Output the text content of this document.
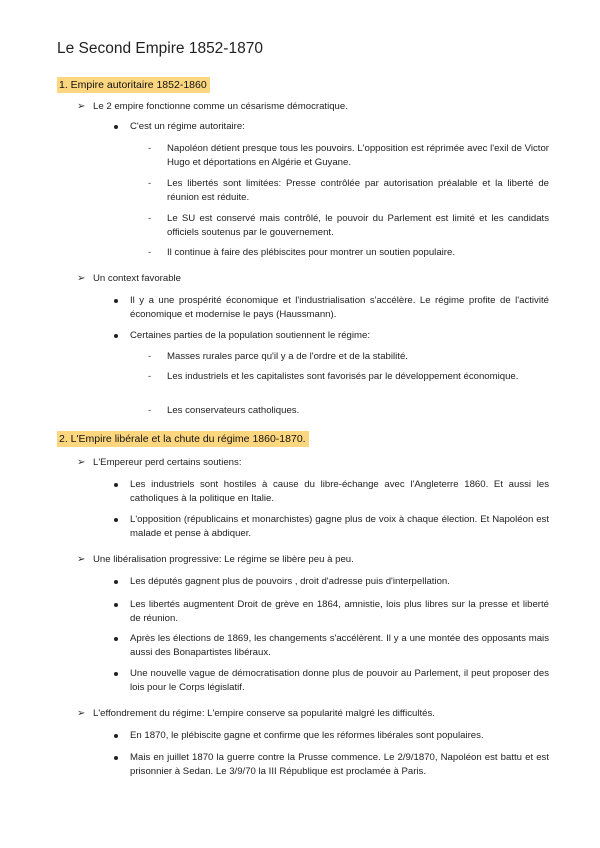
Le Second Empire 1852-1870
1. Empire autoritaire 1852-1860
➢ Le 2 empire fonctionne comme un césarisme démocratique.
C'est un régime autoritaire:
- Napoléon détient presque tous les pouvoirs. L'opposition est réprimée avec l'exil de Victor Hugo et déportations en Algérie et Guyane.
- Les libertés sont limitées: Presse contrôlée par autorisation préalable et la liberté de réunion est réduite.
- Le SU est conservé mais contrôlé, le pouvoir du Parlement est limité et les candidats officiels soutenus par le gouvernement.
- Il continue à faire des plébiscites pour montrer un soutien populaire.
➢ Un context favorable
Il y a une prospérité économique et l'industrialisation s'accélère. Le régime profite de l'activité économique et modernise le pays (Haussmann).
Certaines parties de la population soutiennent le régime:
- Masses rurales parce qu'il y a de l'ordre et de la stabilité.
- Les industriels et les capitalistes sont favorisés par le développement économique.
- Les conservateurs catholiques.
2. L'Empire libérale et la chute du régime 1860-1870.
➢ L'Empereur perd certains soutiens:
Les industriels sont hostiles à cause du libre-échange avec l'Angleterre 1860. Et aussi les catholiques à la politique en Italie.
L'opposition (républicains et monarchistes) gagne plus de voix à chaque élection. Et Napoléon est malade et pense à abdiquer.
➢ Une libéralisation progressive: Le régime se libère peu à peu.
Les députés gagnent plus de pouvoirs , droit d'adresse puis d'interpellation.
Les libertés augmentent Droit de grève en 1864, amnistie, lois plus libres sur la presse et liberté de réunion.
Après les élections de 1869, les changements s'accélèrent. Il y a une montée des opposants mais aussi des Bonapartistes libéraux.
Une nouvelle vague de démocratisation donne plus de pouvoir au Parlement, il peut proposer des lois pour le Corps législatif.
➢ L'effondrement du régime: L'empire conserve sa popularité malgré les difficultés.
En 1870, le plébiscite gagne et confirme que les réformes libérales sont populaires.
Mais en juillet 1870 la guerre contre la Prusse commence. Le 2/9/1870, Napoléon est battu et est prisonnier à Sedan. Le 3/9/70 la III République est proclamée à Paris.
